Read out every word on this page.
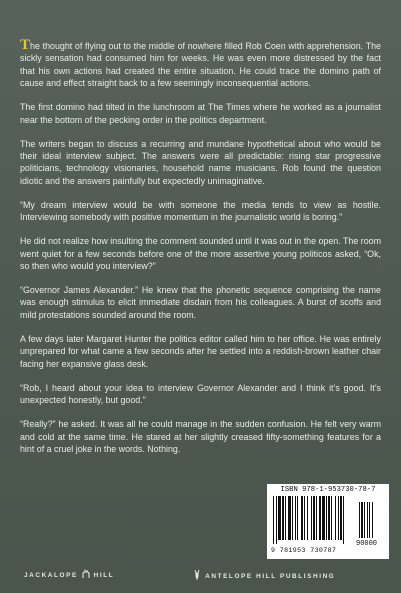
The thought of flying out to the middle of nowhere filled Rob Coen with apprehension. The sickly sensation had consumed him for weeks. He was even more distressed by the fact that his own actions had created the entire situation. He could trace the domino path of cause and effect straight back to a few seemingly inconsequential actions.

The first domino had tilted in the lunchroom at The Times where he worked as a journalist near the bottom of the pecking order in the politics department.

The writers began to discuss a recurring and mundane hypothetical about who would be their ideal interview subject. The answers were all predictable: rising star progressive politicians, technology visionaries, household name musicians. Rob found the question idiotic and the answers painfully but expectedly unimaginative.

“My dream interview would be with someone the media tends to view as hostile. Interviewing somebody with positive momentum in the journalistic world is boring.”

He did not realize how insulting the comment sounded until it was out in the open. The room went quiet for a few seconds before one of the more assertive young politicos asked, “Ok, so then who would you interview?”

“Governor James Alexander.” He knew that the phonetic sequence comprising the name was enough stimulus to elicit immediate disdain from his colleagues. A burst of scoffs and mild protestations sounded around the room.

A few days later Margaret Hunter the politics editor called him to her office. He was entirely unprepared for what came a few seconds after he settled into a reddish-brown leather chair facing her expansive glass desk.

“Rob, I heard about your idea to interview Governor Alexander and I think it’s good. It’s unexpected honestly, but good.”

“Really?” he asked. It was all he could manage in the sudden confusion. He felt very warm and cold at the same time. He stared at her slightly creased fifty-something features for a hint of a cruel joke in the words. Nothing.

ISBN 978-1-953730-78-7
90000
9 781953 730787
JACKALOPE HILL	ANTELOPE HILL PUBLISHING
